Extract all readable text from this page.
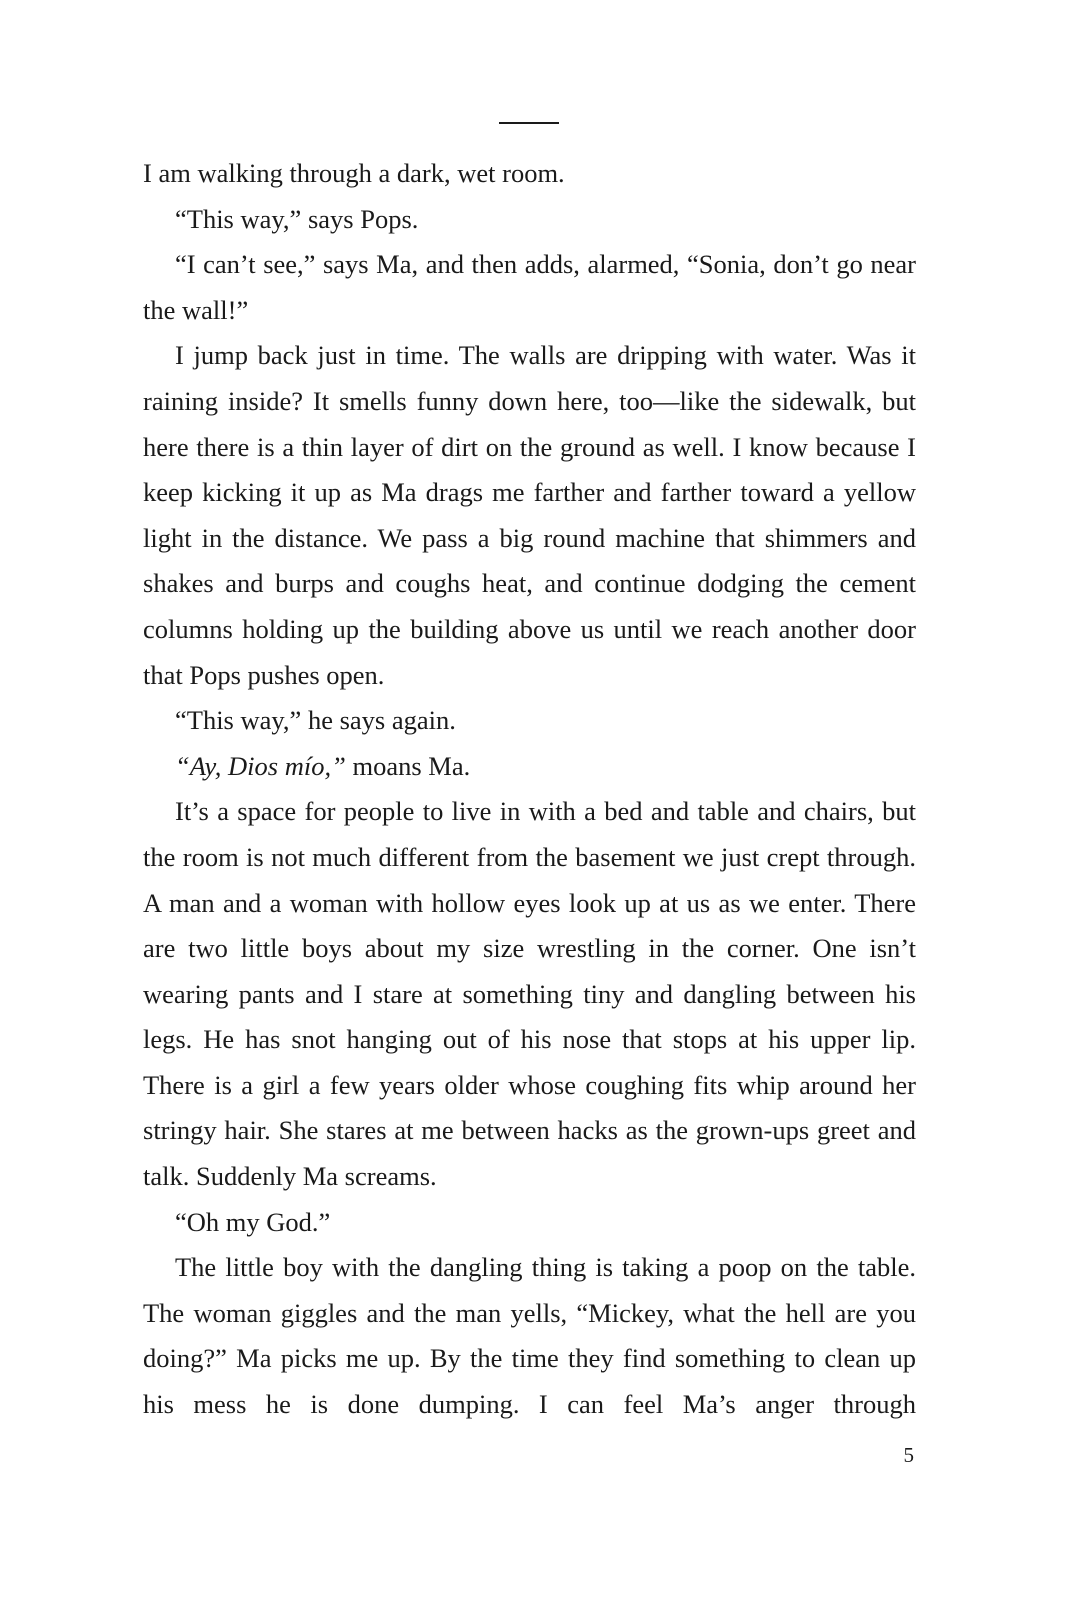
I am walking through a dark, wet room.

“This way,” says Pops.

“I can’t see,” says Ma, and then adds, alarmed, “Sonia, don’t go near the wall!”

I jump back just in time. The walls are dripping with water. Was it raining inside? It smells funny down here, too—like the sidewalk, but here there is a thin layer of dirt on the ground as well. I know because I keep kicking it up as Ma drags me farther and farther toward a yellow light in the distance. We pass a big round machine that shimmers and shakes and burps and coughs heat, and continue dodging the cement columns holding up the building above us until we reach another door that Pops pushes open.

“This way,” he says again.

“Ay, Dios mío,” moans Ma.

It’s a space for people to live in with a bed and table and chairs, but the room is not much different from the basement we just crept through. A man and a woman with hollow eyes look up at us as we enter. There are two little boys about my size wrestling in the corner. One isn’t wearing pants and I stare at something tiny and dangling between his legs. He has snot hanging out of his nose that stops at his upper lip. There is a girl a few years older whose coughing fits whip around her stringy hair. She stares at me between hacks as the grown-ups greet and talk. Suddenly Ma screams.

“Oh my God.”

The little boy with the dangling thing is taking a poop on the table. The woman giggles and the man yells, “Mickey, what the hell are you doing?” Ma picks me up. By the time they find something to clean up his mess he is done dumping. I can feel Ma’s anger through

5
